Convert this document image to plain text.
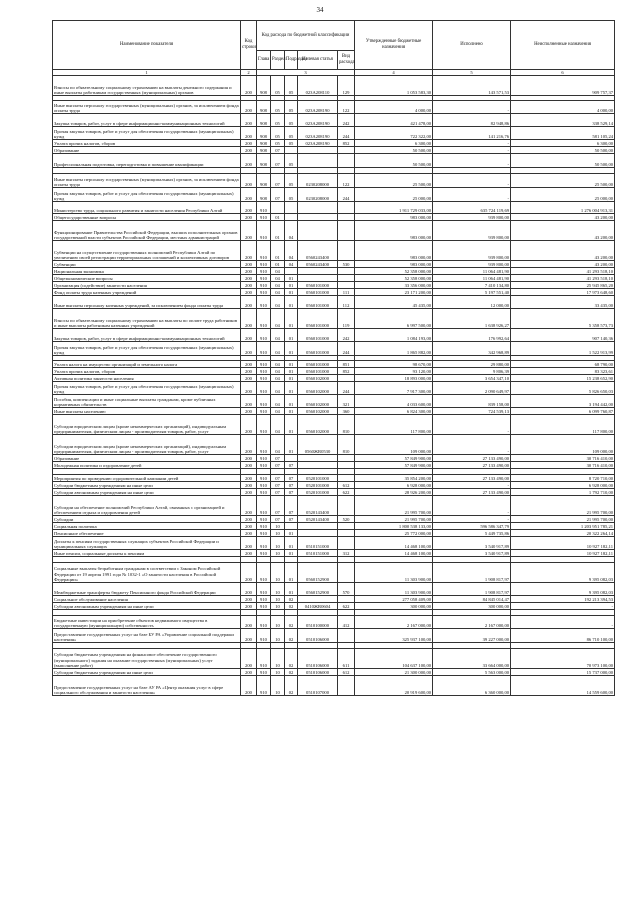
34
Наименование показателя	Код строки	Код расхода по бюджетной классификации					Утвержденные бюджетные назначения	Исполнено	Неисполненные назначения
		Глава	Раздел	Подраздел	Целевая статья	Вид расхода			
1	2	3					4	5	6
Взносы по обязательному социальному страхованию на выплаты денежного содержания и иные выплаты работникам государственных (муниципальных) органов	200	908	05	05	023А208110	129	1 053 583,30	143 571,53	909 757,37

Иные выплаты персоналу государственных (муниципальных) органов, за исключением фонда оплаты труда	200	908	05	05	023А208190	122	4 000,00	-	4 000,00
Закупка товаров, работ, услуг в сфере информационно-коммуникационных технологий	200	908	05	05	023А208190	242	421 478,00	82 948,86	338 529,14
Прочая закупка товаров, работ и услуг для обеспечения государственных (муниципальных) нужд	200	908	05	05	023А208190	244	722 322,00	141 216,76	581 105,24
Уплата прочих налогов, сборов	200	908	05	05	023А208190	852	6 300,00	-	6 300,00
Образование	200	908	07				50 500,00	-	50 500,00
Профессиональная подготовка, переподготовка и повышение квалификации	200	908	07	05			50 500,00	-	50 500,00

Иные выплаты персоналу государственных (муниципальных) органов, за исключением фонда оплаты труда	200	908	07	05	0230208000	122	25 500,00	-	25 500,00
Прочая закупка товаров, работ и услуг для обеспечения государственных (муниципальных) нужд	200	908	07	05	0230208000	244	25 000,00	-	25 000,00
Министерство труда, социального развития и занятости населения Республики Алтай	200	910					1 911 729 033,00	635 724 119,69	1 276 004 913,31
Общегосударственные вопросы	200	910	01				983 000,00	939 800,00	43 200,00
Функционирование Правительства Российской Федерации, высших исполнительных органов государственной власти субъектов Российской Федерации, местных администраций	200	910	01	04			983 000,00	939 800,00	43 200,00
Субвенции на осуществление государственных полномочий Республики Алтай по увеличению своей регистрации территориальных соглашений и коллективных договоров	200	910	01	04	0560243400		983 000,00	939 800,00	43 200,00
Субвенции	200	910	01	04	0560243400	530	983 000,00	939 800,00	43 200,00
Национальная экономика	200	910	04				52 358 000,00	11 064 481,90	41 293 518,10
Общеэкономические вопросы	200	910	04	01			52 358 000,00	11 064 481,90	41 293 518,10
Организация (содействие) занятости населения	200	910	04	01	0560101000		33 356 000,00	7 410 134,80	25 945 865,20
Фонд оплаты труда казенных учреждений	200	910	04	01	0560101000	111	23 171 200,00	5 197 551,40	17 973 648,60
Иные выплаты персоналу казенных учреждений, за исключением фонда оплаты труда	200	910	04	01	0560101000	112	45 435,00	12 000,00	33 435,00
Взносы по обязательному социальному страхованию на выплаты по оплате труда работников и иные выплаты работникам казенных учреждений	200	910	04	01	0560101000	119	6 997 500,00	1 638 926,27	5 358 573,73
Закупка товаров, работ, услуг в сфере информационно-коммуникационных технологий	200	910	04	01	0560101000	242	1 084 193,00	176 992,64	907 140,36
Прочая закупка товаров, работ и услуг для обеспечения государственных (муниципальных) нужд	200	910	04	01	0560101000	244	1 865 882,00	342 968,89	1 522 913,99

Уплата налога на имущество организаций и земельного налога	200	910	04	01	0560101000	851	98 670,00	29 880,00	68 790,00
Уплата прочих налогов, сборов	200	910	04	01	0560101000	852	93 120,00	9 806,39	83 323,61
Активная политика занятости населения	200	910	04	01	0560102000		18 893 000,00	3 654 347,10	15 238 652,90
Прочая закупка товаров, работ и услуг для обеспечения государственных (муниципальных) нужд	200	910	04	01	0560102000	244	7 917 300,00	2 090 649,97	5 826 650,03
Пособия, компенсации и иные социальные выплаты гражданам, кроме публичных нормативных обязательств	200	910	04	01	0560102000	321	4 033 600,00	839 158,00	3 194 442,00
Иные выплаты населению	200	910	04	01	0560102000	360	6 824 300,00	724 539,13	6 099 760,87
Субсидии юридическим лицам (кроме некоммерческих организаций), индивидуальным предпринимателям, физическим лицам - производителям товаров, работ, услуг	200	910	04	01	0560102000	810	117 800,00	-	117 800,00
Субсидии юридическим лицам (кроме некоммерческих организаций), индивидуальным предпринимателям, физическим лицам - производителям товаров, работ, услуг	200	910	04	01	0560ЖR0530	810	109 000,00	-	109 000,00
Образование	200	910	07				57 849 900,00	27 133 490,00	30 716 410,00
Молодежная политика и оздоровление детей	200	910	07	07			57 849 900,00	27 133 490,00	30 716 410,00

Мероприятия по проведению оздоровительной кампании детей	200	910	07	07	0520101000		35 854 200,00	27 133 490,00	8 720 710,00
Субсидии бюджетным учреждениям на иные цели	200	910	07	07	0520101000	612	6 928 000,00	-	6 928 000,00
Субсидии автономным учреждениям на иные цели	200	910	07	07	0520101000	622	28 926 200,00	27 133 490,00	1 792 710,00
Субсидии на обеспечение полномочий Республики Алтай, связанных с организацией и обеспечением отдыха и оздоровления детей	200	910	07	07	0520143400		21 995 700,00	-	21 995 700,00
Субсидии	200	910	07	07	0520143400	520	21 995 700,00	-	21 995 700,00
Социальная политика	200	910	10				1 800 538 133,00	596 586 347,79	1 203 951 785,21
Пенсионное обеспечение	200	910	10	01			25 772 000,00	5 449 735,86	20 322 264,14
Доплаты к пенсиям государственных служащих субъектов Российской Федерации и муниципальных служащих	200	910	10	01	0510151000		14 468 100,00	3 540 917,89	10 927 182,11
Иные пенсии, социальные доплаты к пенсиям	200	910	10	01	0510151000	312	14 468 100,00	3 540 917,89	10 927 182,11

Социальные выплаты безработным гражданам в соответствии с Законом Российской Федерации от 19 апреля 1991 года № 1032-1 «О занятости населения в Российской Федерации»	200	910	10	01	0560152900		11 303 900,00	1 908 817,97	9 395 082,03
Межбюджетные трансферты бюджету Пенсионного фонда Российской Федерации	200	910	10	01	0560152900	570	11 303 900,00	1 908 817,97	9 395 082,03
Социальное обслуживание населения	200	910	10	02			277 058 409,00	84 845 014,47	192 213 394,53
Субсидии автономным учреждениям на иные цели	200	910	10	02	0410ЖR0604	622	300 000,00	300 000,00	-

Бюджетные инвестиции на приобретение объектов недвижимого имущества в государственную (муниципальную) собственность	200	910	10	02	0510100000	412	2 167 000,00	2 167 000,00	-
Предоставление государственных услуг на базе БУ РА «Управление социальной поддержки населения»	200	910	10	02	0510106000		325 937 100,00	39 227 000,00	86 710 100,00

Субсидии бюджетным учреждениям на финансовое обеспечение государственного (муниципального) задания на оказание государственных (муниципальных) услуг (выполнение работ)	200	910	10	02	0510106000	611	104 637 100,00	33 664 000,00	70 973 100,00
Субсидии бюджетным учреждениям на иные цели	200	910	10	02	0510106000	612	21 300 000,00	5 563 000,00	15 737 000,00
Предоставление государственных услуг на базе АУ РА «Центр оказания услуг в сфере социального обслуживания и занятости населения»	200	910	10	02	0510107000		20 919 600,00	6 360 000,00	14 559 600,00
